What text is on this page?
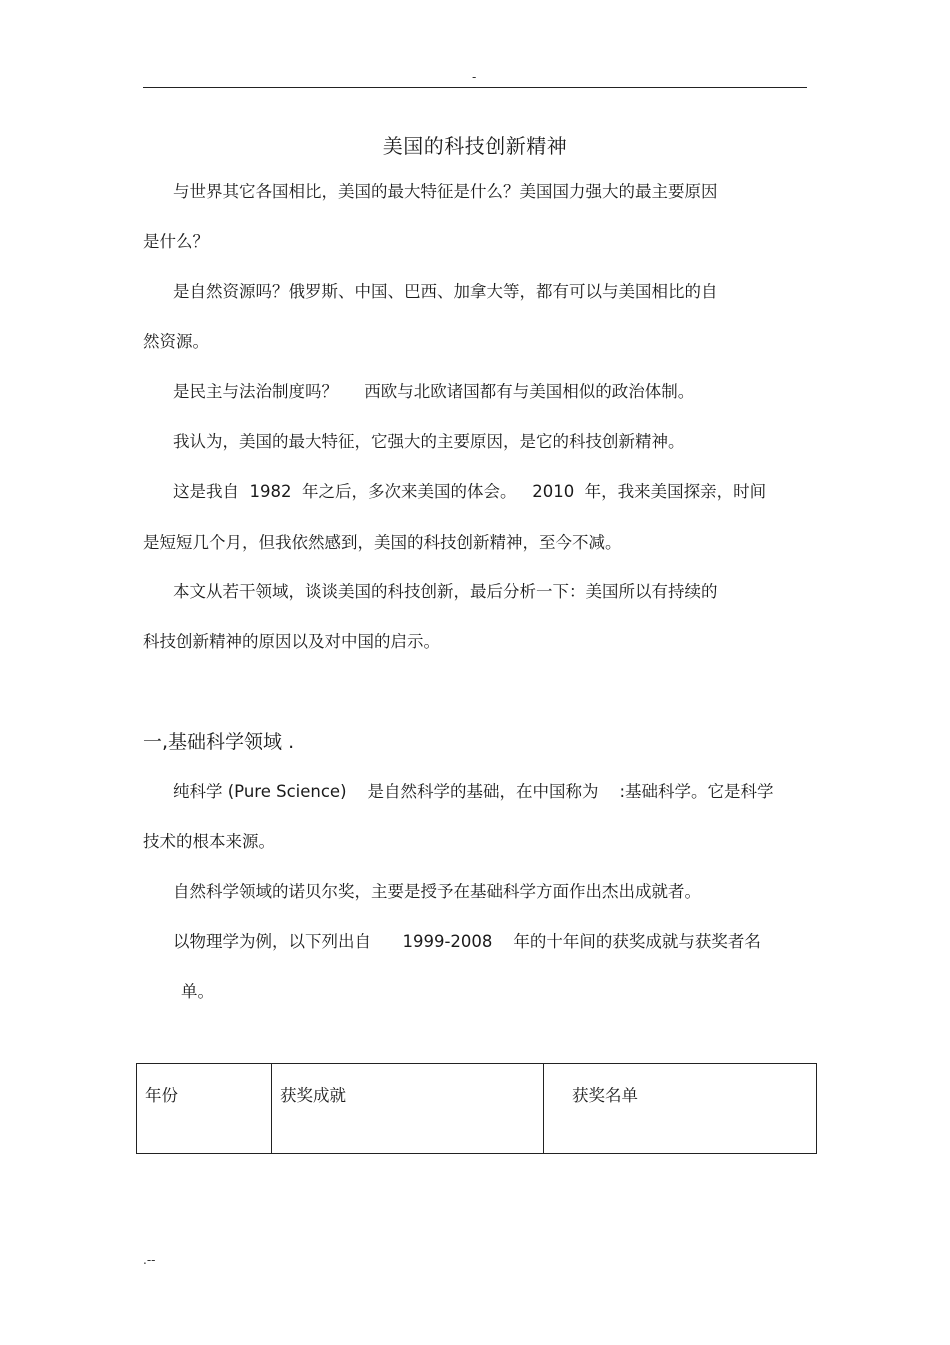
-
美国的科技创新精神
与世界其它各国相比，美国的最大特征是什么？美国国力强大的最主要原因
是什么？
是自然资源吗？俄罗斯、中国、巴西、加拿大等，都有可以与美国相比的自
然资源。
是民主与法治制度吗？     西欧与北欧诸国都有与美国相似的政治体制。
我认为，美国的最大特征，它强大的主要原因，是它的科技创新精神。
这是我自  1982  年之后，多次来美国的体会。   2010  年，我来美国探亲，时间
是短短几个月，但我依然感到，美国的科技创新精神，至今不减。
本文从若干领域，谈谈美国的科技创新，最后分析一下：美国所以有持续的
科技创新精神的原因以及对中国的启示。
一,基础科学领域 .
纯科学 (Pure Science)    是自然科学的基础，在中国称为    :基础科学。它是科学
技术的根本来源。
自然科学领域的诺贝尔奖，主要是授予在基础科学方面作出杰出成就者。
以物理学为例，以下列出自      1999-2008    年的十年间的获奖成就与获奖者名
单。
年份	获奖成就	获奖名单
.--
